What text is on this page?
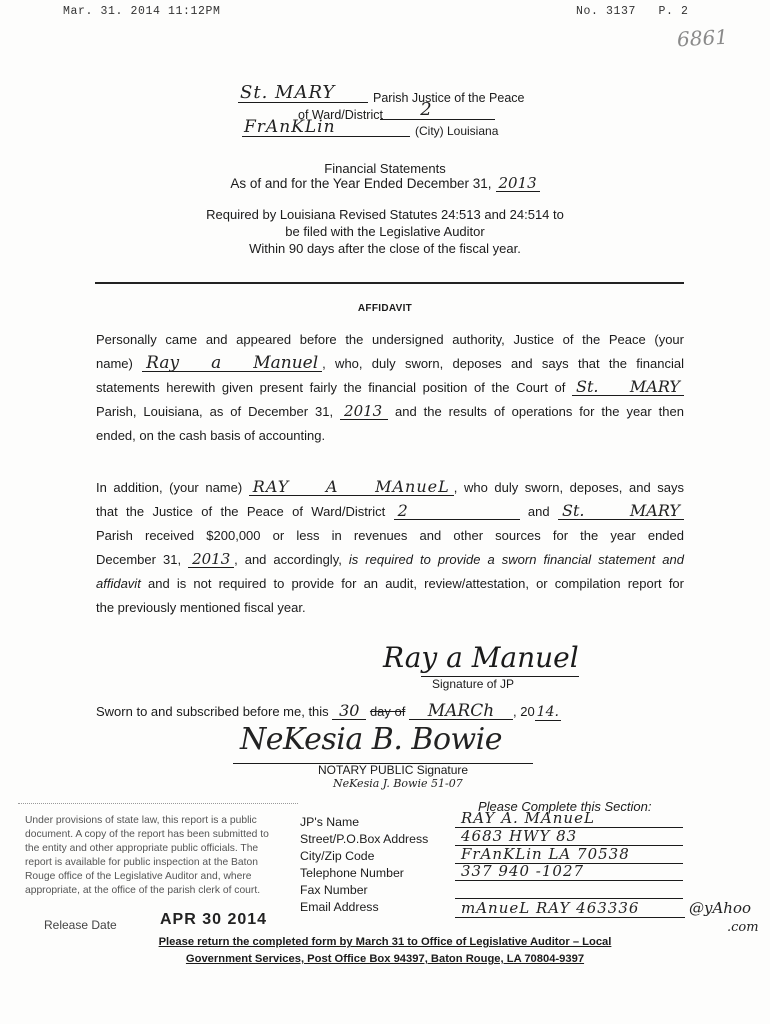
Mar. 31. 2014 11:12PM	No. 3137   P. 2
6861
St. MARY	Parish Justice of the Peace
of Ward/District	2
FrAnKLin	(City) Louisiana
Financial Statements
As of and for the Year Ended December 31, 2013
Required by Louisiana Revised Statutes 24:513 and 24:514 to
be filed with the Legislative Auditor
Within 90 days after the close of the fiscal year.
AFFIDAVIT
Personally came and appeared before the undersigned authority, Justice of the Peace (your
name) Ray a Manuel , who, duly sworn, deposes and says that the financial
statements herewith given present fairly the financial position of the Court of St. MARY
Parish, Louisiana, as of December 31, 2013 and the results of operations for the year then
ended, on the cash basis of accounting.
In addition, (your name) RAY A MAnueL , who duly sworn, deposes, and says
that the Justice of the Peace of Ward/District 2	and St. MARY
Parish received $200,000 or less in revenues and other sources for the year ended
December 31, 2013 , and accordingly, is required to provide a sworn financial statement and
affidavit and is not required to provide for an audit, review/attestation, or compilation report for
the previously mentioned fiscal year.
Ray a Manuel
Signature of JP
Sworn to and subscribed before me, this 30 day of MARCh , 20 14.
NeKesia B. Bowie
NOTARY PUBLIC Signature
NeKesia J. Bowie 51-07
Under provisions of state law, this report is a public
document. A copy of the report has been submitted to
the entity and other appropriate public officials. The
report is available for public inspection at the Baton
Rouge office of the Legislative Auditor and, where
appropriate, at the office of the parish clerk of court.
Please Complete this Section:
JP's Name	RAY A. MAnueL
Street/P.O.Box Address	4683 HWY 83
City/Zip Code	FrAnKLin LA 70538
Telephone Number	337 940 -1027
Fax Number
Email Address	mAnueL RAY 463336	@yAhoo
.com
Release Date	APR 30 2014
Please return the completed form by March 31 to Office of Legislative Auditor – Local
Government Services, Post Office Box 94397, Baton Rouge, LA 70804-9397
